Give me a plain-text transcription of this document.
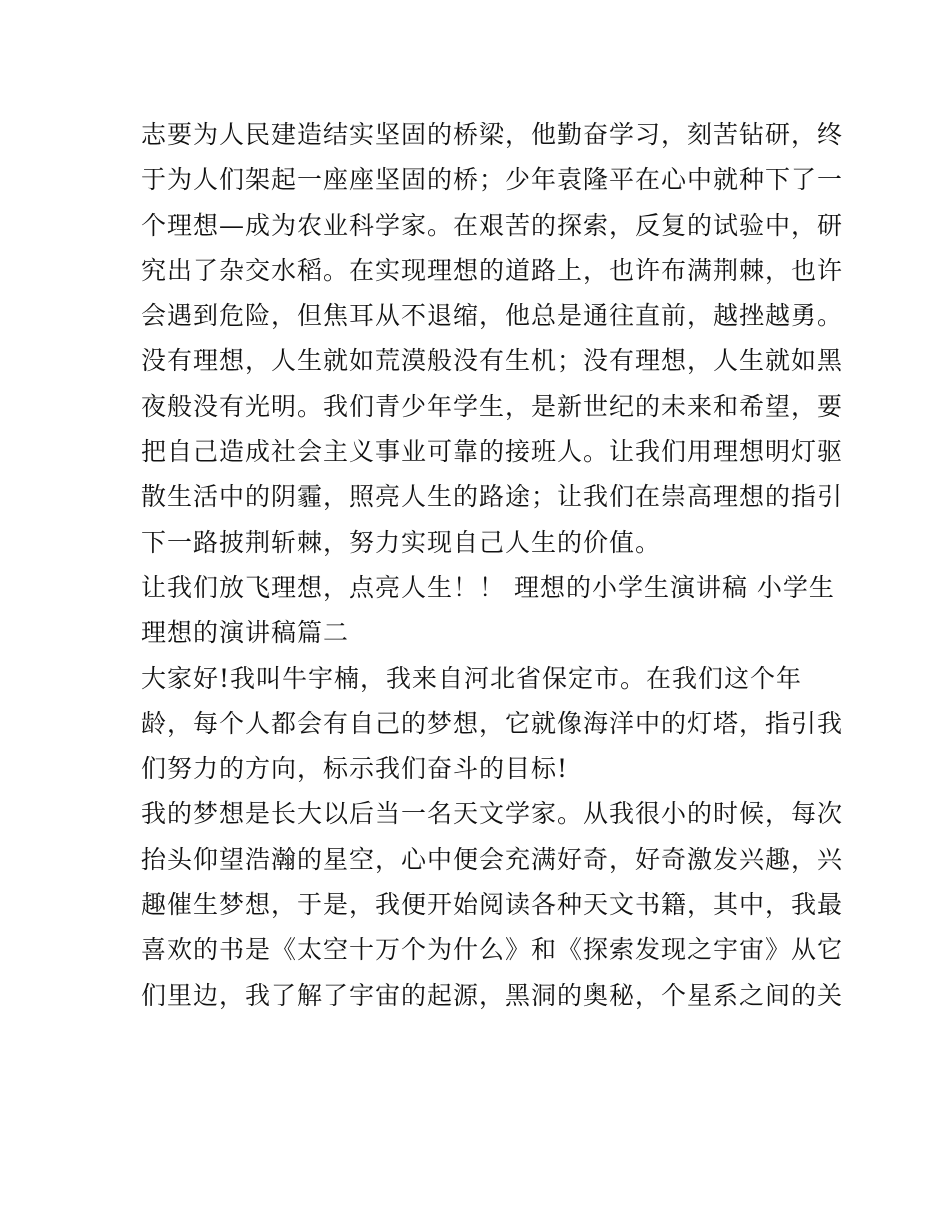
志要为人民建造结实坚固的桥梁，他勤奋学习，刻苦钻研，终
于为人们架起一座座坚固的桥；少年袁隆平在心中就种下了一
个理想—成为农业科学家。在艰苦的探索，反复的试验中，研
究出了杂交水稻。在实现理想的道路上，也许布满荆棘，也许
会遇到危险，但焦耳从不退缩，他总是通往直前，越挫越勇。
没有理想，人生就如荒漠般没有生机；没有理想，人生就如黑
夜般没有光明。我们青少年学生，是新世纪的未来和希望，要
把自己造成社会主义事业可靠的接班人。让我们用理想明灯驱
散生活中的阴霾，照亮人生的路途；让我们在崇高理想的指引
下一路披荆斩棘，努力实现自己人生的价值。
让我们放飞理想，点亮人生！！ 理想的小学生演讲稿 小学生
理想的演讲稿篇二
大家好!我叫牛宇楠，我来自河北省保定市。在我们这个年
龄，每个人都会有自己的梦想，它就像海洋中的灯塔，指引我
们努力的方向，标示我们奋斗的目标!
我的梦想是长大以后当一名天文学家。从我很小的时候，每次
抬头仰望浩瀚的星空，心中便会充满好奇，好奇激发兴趣，兴
趣催生梦想，于是，我便开始阅读各种天文书籍，其中，我最
喜欢的书是《太空十万个为什么》和《探索发现之宇宙》从它
们里边，我了解了宇宙的起源，黑洞的奥秘，个星系之间的关
